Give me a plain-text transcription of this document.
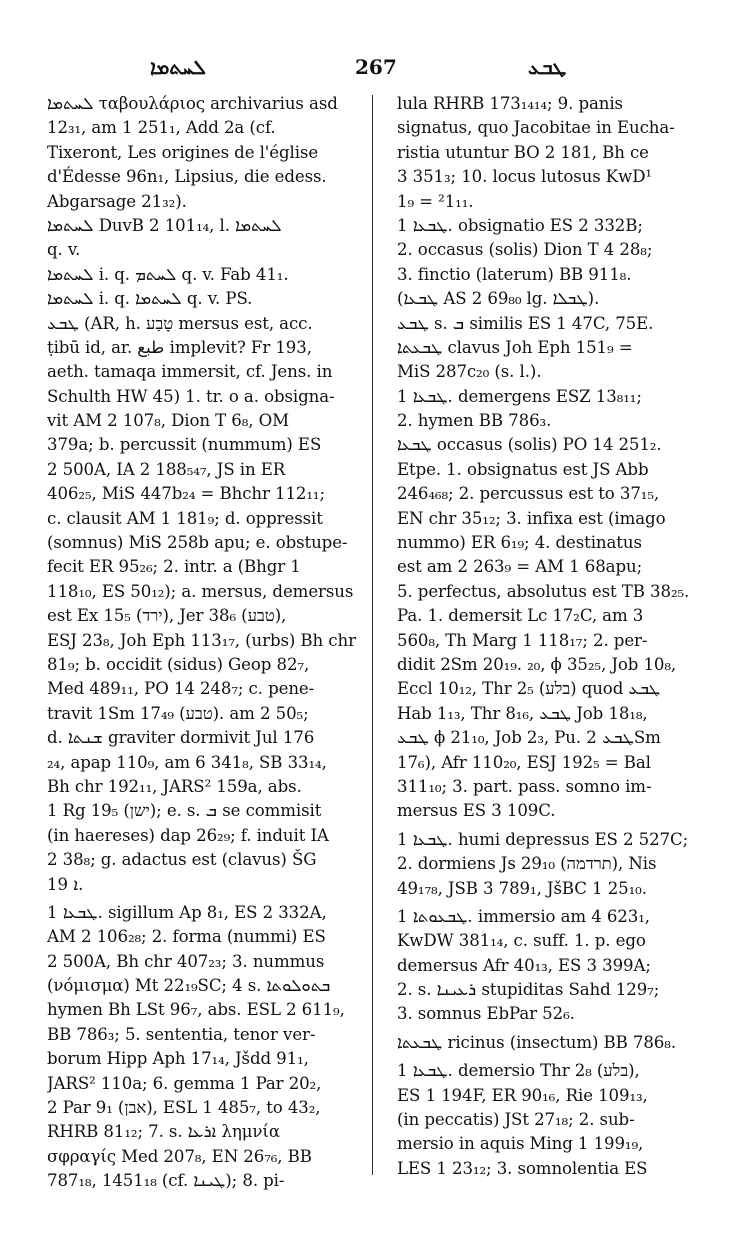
ܠܚܬܡܐ	267	ܛܒܥ
ܠܚܬܡܐ ταβουλάριος archivarius asd
12₃₁, am 1 251₁, Add 2a (cf.
Tixeront, Les origines de l'église
d'Édesse 96n₁, Lipsius, die edess.
Abgarsage 21₃₂).
ܠܚܬܡܐ DuvB 2 101₁₄, l. ܠܚܬܡܐ
q. v.
ܠܚܬܡܐ i. q. ܠܚܬܡ q. v. Fab 41₁.
ܠܚܬܡܐ i. q. ܠܚܬܡܐ q. v. PS.
ܛܒܥ (AR, h. טָבַע mersus est, acc.
ṭibū id, ar. طبع implevit? Fr 193,
aeth. tamaqa immersit, cf. Jens. in
Schulth HW 45) 1. tr. o a. obsigna-
vit AM 2 107₈, Dion T 6₈, OM
379a; b. percussit (nummum) ES
2 500A, IA 2 188₅₄₇, JS in ER
406₂₅, MiS 447b₂₄ = Bhchr 112₁₁;
c. clausit AM 1 181₉; d. oppressit
(somnus) MiS 258b apu; e. obstupe-
fecit ER 95₂₆; 2. intr. a (Bhgr 1
118₁₀, ES 50₁₂); a. mersus, demersus
est Ex 15₅ (ירד), Jer 38₆ (טבע),
ESJ 23₈, Joh Eph 113₁₇, (urbs) Bh chr
81₉; b. occidit (sidus) Geop 82₇,
Med 489₁₁, PO 14 248₇; c. pene-
travit 1Sm 17₄₉ (טבע). am 2 50₅;
d. ܫܢܬܐ graviter dormivit Jul 176
₂₄, apap 110₉, am 6 341₈, SB 33₁₄,
Bh chr 192₁₁, JARS² 159a, abs.
1 Rg 19₅ (ישן); e. s. ܒ se commisit
(in haereses) dap 26₂₉; f. induit IA
2 38₈; g. adactus est (clavus) ŠG
ܐ 19.
ܛܒܥܐ 1. sigillum Ap 8₁, ES 2 332A,
AM 2 106₂₈; 2. forma (nummi) ES
2 500A, Bh chr 407₂₃; 3. nummus
(νόμισμα) Mt 22₁₉SC; 4 s. ܒܬܘܠܘܬܐ
hymen Bh LSt 96₇, abs. ESL 2 611₉,
BB 786₃; 5. sententia, tenor ver-
borum Hipp Aph 17₁₄, Jšdd 91₁,
JARS² 110a; 6. gemma 1 Par 20₂,
2 Par 9₁ (אבן), ESL 1 485₇, to 43₂,
RHRB 81₁₂; 7. s. ܐܪܥܐ λημνία
σφραγίς Med 207₈, EN 26₇₆, BB
787₁₈, 1451₁₈ (cf. ܛܝܢܐ); 8. pi-
lula RHRB 173₁₄₁₄; 9. panis
signatus, quo Jacobitae in Eucha-
ristia utuntur BO 2 181, Bh ce
3 351₃; 10. locus lutosus KwD¹
1₉ = ²1₁₁.
ܛܒܥܐ 1. obsignatio ES 2 332B;
2. occasus (solis) Dion T 4 28₈;
3. finctio (laterum) BB 911₈.
(ܛܒܥܐ AS 2 69₈₀ lg. ܛܒܠܐ).
ܛܒܥ s. ܒ similis ES 1 47C, 75E.
ܛܒܥܬܐ clavus Joh Eph 151₉ =
MiS 287c₂₀ (s. l.).
ܛܒܥܐ 1. demergens ESZ 13₈₁₁;
2. hymen BB 786₃.
ܛܒܥܐ occasus (solis) PO 14 251₂.
Etpe. 1. obsignatus est JS Abb
246₄₆₈; 2. percussus est to 37₁₅,
EN chr 35₁₂; 3. infixa est (imago
nummo) ER 6₁₉; 4. destinatus
est am 2 263₉ = AM 1 68apu;
5. perfectus, absolutus est TB 38₂₅.
Pa. 1. demersit Lc 17₂C, am 3
560₈, Th Marg 1 118₁₇; 2. per-
didit 2Sm 20₁₉. ₂₀, ϕ 35₂₅, Job 10₈,
Eccl 10₁₂, Thr 2₅ (בלע) quod ܛܒܥ
Hab 1₁₃, Thr 8₁₆, ܛܒܥ Job 18₁₈,
ܛܒܥ ϕ 21₁₀, Job 2₃, Pu. ܛܒܥ 2Sm
17₆), Afr 110₂₀, ESJ 192₅ = Bal
311₁₀; 3. part. pass. somno im-
mersus ES 3 109C.
ܛܒܥܐ 1. humi depressus ES 2 527C;
2. dormiens Js 29₁₀ (תרדמה), Nis
49₁₇₈, JSB 3 789₁, JšBC 1 25₁₀.
ܛܒܥܘܬܐ 1. immersio am 4 623₁,
KwDW 381₁₄, c. suff. 1. p. ego
demersus Afr 40₁₃, ES 3 399A;
2. s. ܪܥܝܢܐ stupiditas Sahd 129₇;
3. somnus EbPar 52₆.
ܛܒܥܬܐ ricinus (insectum) BB 786₈.
ܛܒܥܐ 1. demersio Thr 2₈ (בלע),
ES 1 194F, ER 90₁₆, Rie 109₁₃,
(in peccatis) JSt 27₁₈; 2. sub-
mersio in aquis Ming 1 199₁₉,
LES 1 23₁₂; 3. somnolentia ES
